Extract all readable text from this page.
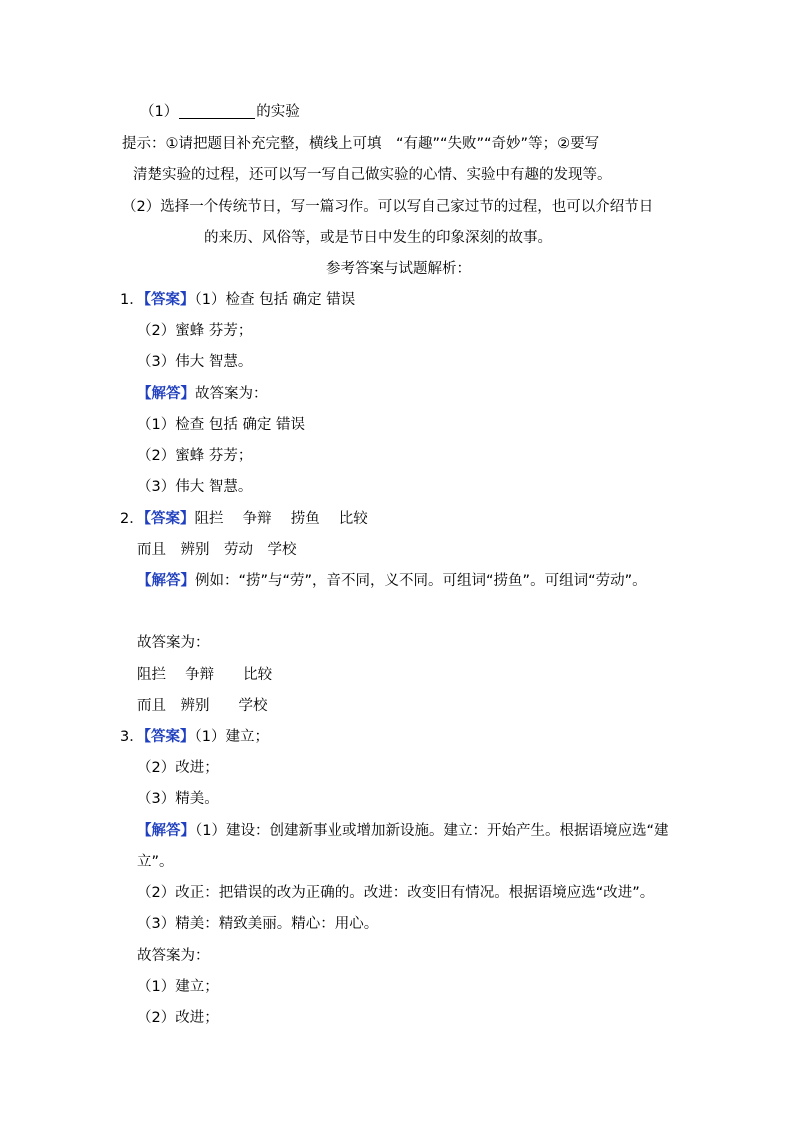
（1）	的实验
提示：①请把题目补充完整，横线上可填　“有趣”“失败”“奇妙”等；②要写
清楚实验的过程，还可以写一写自己做实验的心情、实验中有趣的发现等。
（2）选择一个传统节日，写一篇习作。可以写自己家过节的过程，也可以介绍节日
的来历、风俗等，或是节日中发生的印象深刻的故事。
参考答案与试题解析：
1．【答案】（1）检查 包括 确定 错误
（2）蜜蜂 芬芳；
（3）伟大 智慧。
【解答】故答案为：
（1）检查 包括 确定 错误
（2）蜜蜂 芬芳；
（3）伟大 智慧。
2．【答案】阻拦　 争辩　 捞鱼　 比较
而且　辨别　劳动　学校
【解答】例如：“捞”与“劳”，音不同，义不同。可组词“捞鱼”。可组词“劳动”。
故答案为：
阻拦　 争辩　　比较
而且　辨别　　学校
3．【答案】（1）建立；
（2）改进；
（3）精美。
【解答】（1）建设：创建新事业或增加新设施。建立：开始产生。根据语境应选“建
立”。
（2）改正：把错误的改为正确的。改进：改变旧有情况。根据语境应选“改进”。
（3）精美：精致美丽。精心：用心。
故答案为：
（1）建立；
（2）改进；
